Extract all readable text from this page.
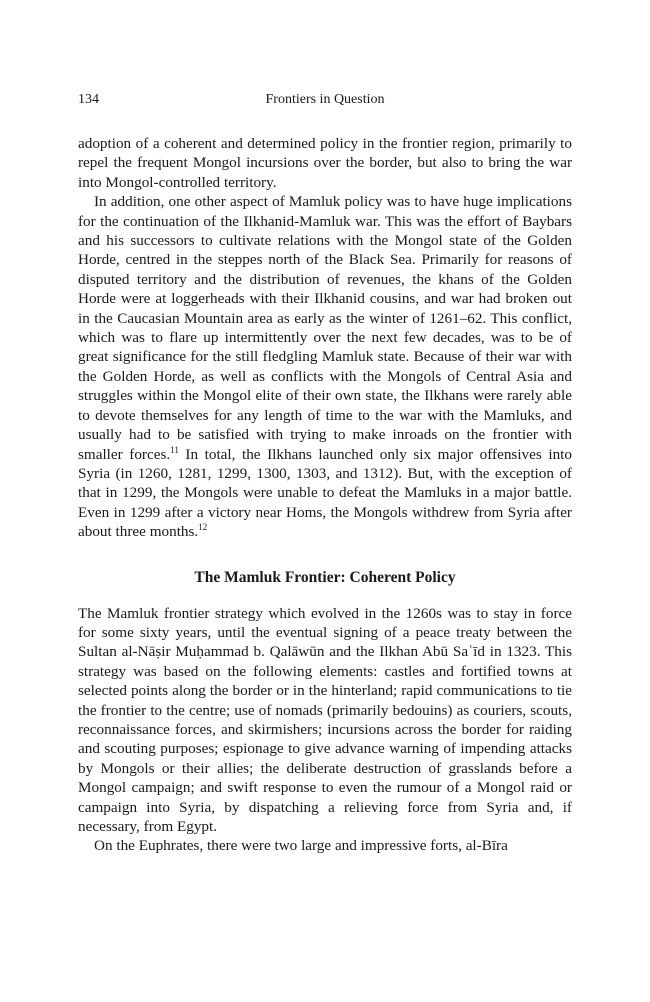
134	Frontiers in Question

adoption of a coherent and determined policy in the frontier region, primarily to repel the frequent Mongol incursions over the border, but also to bring the war into Mongol-controlled territory.

In addition, one other aspect of Mamluk policy was to have huge implications for the continuation of the Ilkhanid-Mamluk war. This was the effort of Baybars and his successors to cultivate relations with the Mongol state of the Golden Horde, centred in the steppes north of the Black Sea. Primarily for reasons of disputed territory and the distribution of revenues, the khans of the Golden Horde were at loggerheads with their Ilkhanid cousins, and war had broken out in the Caucasian Mountain area as early as the winter of 1261–62. This conflict, which was to flare up intermittently over the next few decades, was to be of great significance for the still fledgling Mamluk state. Because of their war with the Golden Horde, as well as conflicts with the Mongols of Central Asia and struggles within the Mongol elite of their own state, the Ilkhans were rarely able to devote themselves for any length of time to the war with the Mamluks, and usually had to be satisfied with trying to make inroads on the frontier with smaller forces.$^{11}$ In total, the Ilkhans launched only six major offensives into Syria (in 1260, 1281, 1299, 1300, 1303, and 1312). But, with the exception of that in 1299, the Mongols were unable to defeat the Mamluks in a major battle. Even in 1299 after a victory near Homs, the Mongols withdrew from Syria after about three months.$^{12}$

The Mamluk Frontier: Coherent Policy

The Mamluk frontier strategy which evolved in the 1260s was to stay in force for some sixty years, until the eventual signing of a peace treaty between the Sultan al-Nāṣir Muḥammad b. Qalāwūn and the Ilkhan Abū Saʿīd in 1323. This strategy was based on the following elements: castles and fortified towns at selected points along the border or in the hinterland; rapid communications to tie the frontier to the centre; use of nomads (primarily bedouins) as couriers, scouts, reconnaissance forces, and skirmishers; incursions across the border for raiding and scouting purposes; espionage to give advance warning of impending attacks by Mongols or their allies; the deliberate destruction of grasslands before a Mongol campaign; and swift response to even the rumour of a Mongol raid or campaign into Syria, by dispatching a relieving force from Syria and, if necessary, from Egypt.

On the Euphrates, there were two large and impressive forts, al-Bīra
